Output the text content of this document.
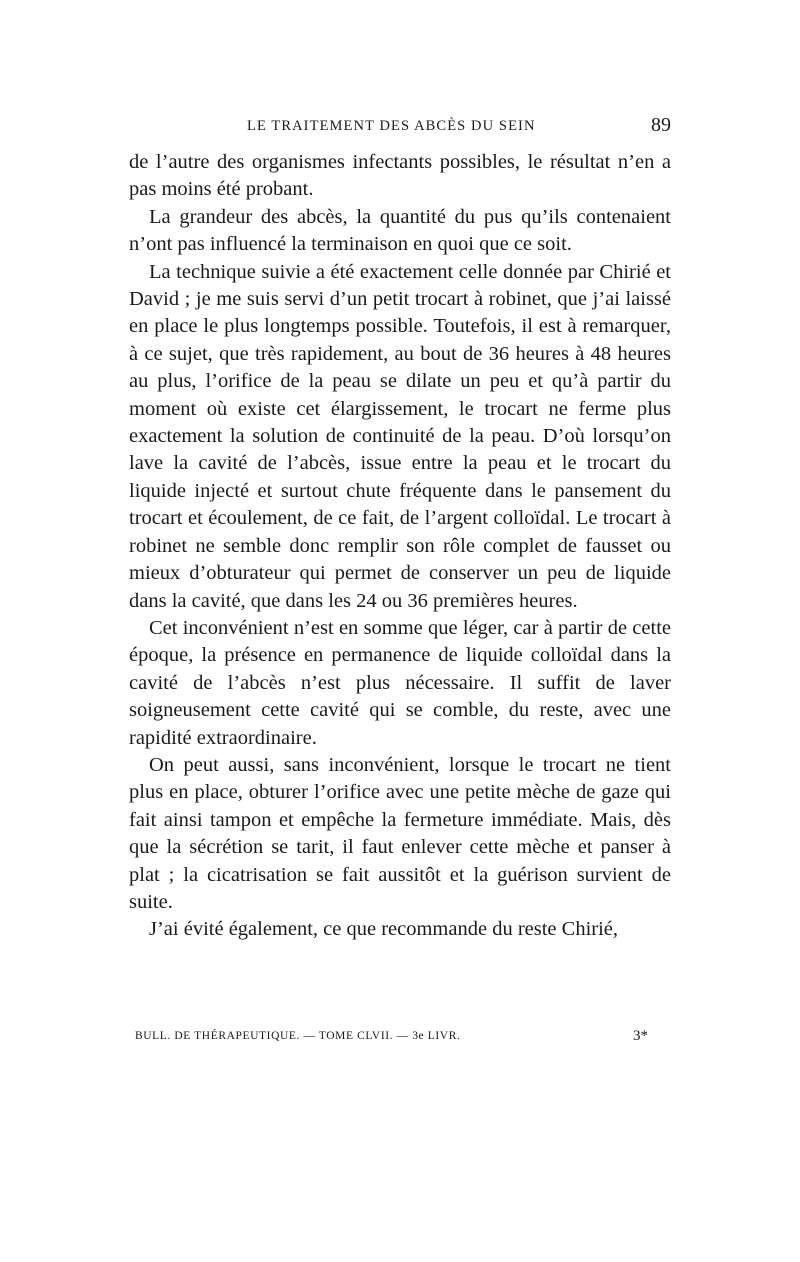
LE TRAITEMENT DES ABCÈS DU SEIN	89

de l’autre des organismes infectants possibles, le résultat n’en a pas moins été probant.

La grandeur des abcès, la quantité du pus qu’ils contenaient n’ont pas influencé la terminaison en quoi que ce soit.

La technique suivie a été exactement celle donnée par Chirié et David ; je me suis servi d’un petit trocart à robinet, que j’ai laissé en place le plus longtemps possible. Toutefois, il est à remarquer, à ce sujet, que très rapidement, au bout de 36 heures à 48 heures au plus, l’orifice de la peau se dilate un peu et qu’à partir du moment où existe cet élargissement, le trocart ne ferme plus exactement la solution de continuité de la peau. D’où lorsqu’on lave la cavité de l’abcès, issue entre la peau et le trocart du liquide injecté et surtout chute fréquente dans le pansement du trocart et écoulement, de ce fait, de l’argent colloïdal. Le trocart à robinet ne semble donc remplir son rôle complet de fausset ou mieux d’obturateur qui permet de conserver un peu de liquide dans la cavité, que dans les 24 ou 36 premières heures.

Cet inconvénient n’est en somme que léger, car à partir de cette époque, la présence en permanence de liquide colloïdal dans la cavité de l’abcès n’est plus nécessaire. Il suffit de laver soigneusement cette cavité qui se comble, du reste, avec une rapidité extraordinaire.

On peut aussi, sans inconvénient, lorsque le trocart ne tient plus en place, obturer l’orifice avec une petite mèche de gaze qui fait ainsi tampon et empêche la fermeture immédiate. Mais, dès que la sécrétion se tarit, il faut enlever cette mèche et panser à plat ; la cicatrisation se fait aussitôt et la guérison survient de suite.

J’ai évité également, ce que recommande du reste Chirié,

BULL. DE THÉRAPEUTIQUE. — TOME CLVII. — 3e LIVR.	3*
